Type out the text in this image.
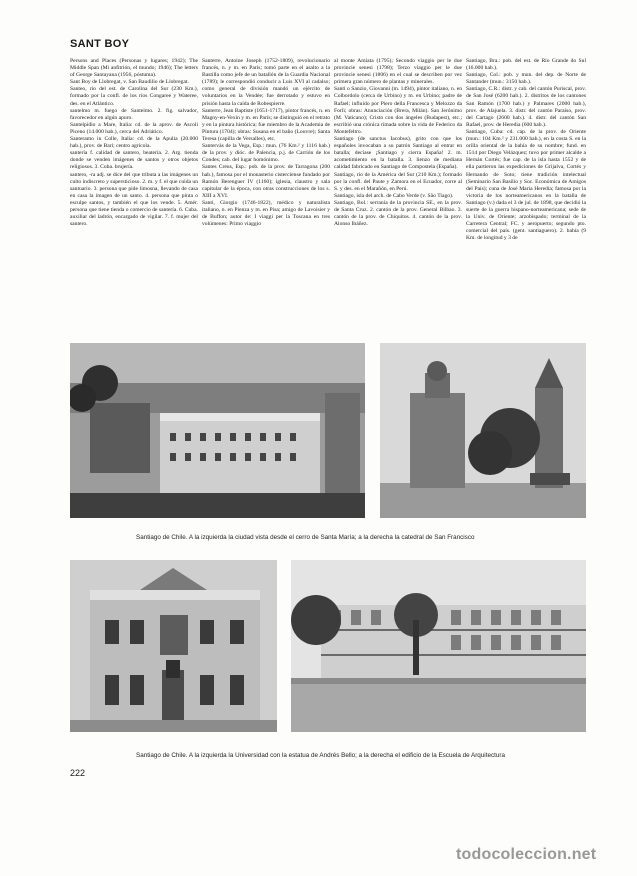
SANT BOY

Persons and Places (Personas y lugares; 1942); The Middle Span (Mi anfitrión, el mundo; 1946); The letters of George Santayana (1956, póstuma).
Sant Boy de Llobregat, v. San Baudilio de Llobregat.
Santeo, río del est. de Carolina del Sur (230 Km.), formado por la confl. de los ríos Congaree y Wateree, des. en el Atlántico.
santelmo m. fuego de Santelmo. 2. fig. salvador, favorecedor en algún apuro.
Santelpidio a Mare, Italia: cd. de la aprov. de Ascoli Piceno (14.000 hab.), cerca del Adriático.
Santeramo in Colle, Italia: cd. de la Apulia (20.000 hab.), prov. de Bari; centro agrícola.
santería f. calidad de santero, beatería. 2. Arg. tienda donde se venden imágenes de santos y otros objetos religiosos. 3. Cuba. brujería.
santero, -ra adj. se dice del que tributa a las imágenes un culto indiscreto y supersticioso. 2. m. y f. el que cuida un santuario. 3. persona que pide limosna, llevando de casa en casa la imagen de un santo. 4. persona que pinta o esculpe santos, y también el que los vende. 5. Amér. persona que tiene tienda o comercio de santería. 6. Cuba. auxiliar del ladrón, encargado de vigilar. 7. f. mujer del santero.

Santerre, Antoine Joseph (1752-1809), revolucionario francés, n. y m. en París; tomó parte en el asalto a la Bastilla como jefe de un batallón de la Guardia Nacional (1789); le correspondió conducir a Luis XVI al cadalso; como general de división mandó un ejército de voluntarios en la Vendée; fue derrotado y estuvo en prisión hasta la caída de Robespierre.
Santerre, Jean Baptiste (1651-1717), pintor francés, n. en Magny-en-Vexin y m. en París; se distinguió en el retrato y en la pintura histórica; fue miembro de la Academia de Pintura (1704); obras: Susana en el baño (Louvre); Santa Teresa (capilla de Versalles), etc.
Santervás de la Vega, Esp.: mun. (76 Km.² y 1116 hab.) de la prov. y dióc. de Palencia, p.j. de Carrión de los Condes; cab. del lugar homónimo.
Santes Creus, Esp.: pob. de la prov. de Tarragona (200 hab.), famosa por el monasterio cisterciense fundado por Ramón Berenguer IV (1160); iglesia, claustro y sala capitular de la época, con otras construcciones de los s. XIII a XVI.
Santi, Giorgio (1746-1822), médico y naturalista italiano, n. en Pienza y m. en Pisa; amigo de Lavoisier y de Buffon; autor de: I viaggi per la Toscana en tres volúmenes: Primo viaggio

al monte Amiata (1795); Secondo viaggio per le due provincie senesi (1798); Terzo viaggio per le due provincie senesi (1806) en el cual se describen por vez primera gran número de plantas y minerales.
Santi o Sanzio, Giovanni (m. 1494), pintor italiano, n. en Colbordolo (cerca de Urbino) y m. en Urbino; padre de Rafael; influido por Piero della Francesca y Melozzo da Forlì; obras: Anunciación (Brera, Milán). San Jerónimo (M. Vaticano); Cristo con dos ángeles (Budapest), etc.; escribió una crónica rimada sobre la vida de Federico da Montefeltro.
Santiago (de sanctus Iacobus), grito con que los españoles invocaban a su patrón Santiago al entrar en batalla; decíase ¡Santiago y cierra España! 2. m. acometimiento en la batalla. 3. lienzo de mediana calidad fabricado en Santiago de Compostela (España).
Santiago, río de la América del Sur (210 Km.); formado por la confl. del Paute y Zamora en el Ecuador, corre al S. y des. en el Marañón, en Perú.
Santiago, isla del arch. de Cabo Verde (v. São Tiago).
Santiago, Bol.: serranía de la provincia SE., en la prov. de Santa Cruz. 2. cantón de la prov. General Bilbao. 3. cantón de la prov. de Chiquitos. 4. cantón de la prov. Alonso Ibáñez.

Santiago, Bra.: pob. del est. de Río Grande do Sul (16.000 hab.).
Santiago, Col.: pob. y mun. del dep. de Norte de Santander (mun.: 3150 hab.).
Santiago, C.R.: distr. y cab. del cantón Puriscal, prov. de San José (6200 hab.). 2. distritos de los cantones San Ramón (1700 hab.) y Palmares (2000 hab.), prov. de Alajuela. 3. distr. del cantón Paraíso, prov. del Cartago (2600 hab.). 4. distr. del cantón San Rafael, prov. de Heredia (600 hab.).
Santiago, Cuba: cd. cap. de la prov. de Oriente (mun.: 104 Km.² y 231.000 hab.), en la costa S. en la orilla oriental de la bahía de su nombre; fund. en 1514 por Diego Velázquez; tuvo por primer alcalde a Hernán Cortés; fue cap. de la isla hasta 1552 y de ella partieron las expediciones de Grijalva, Cortés y Hernando de Soto; tiene tradición intelectual (Seminario San Basilio y Soc. Económica de Amigos del País); cuna de José María Heredia; famosa por la victoria de los norteamericanos en la batalla de Santiago (v.) dada el 3 de jul. de 1898, que decidió la suerte de la guerra hispano-norteamericana; sede de la Univ. de Oriente; arzobispado; terminal de la Carretera Central; FC. y aeropuerto; segundo pto. comercial del país. (gent. santiaguero). 2. bahía (9 Km. de longitud y 3 de

Santiago de Chile. A la izquierda la ciudad vista desde el cerro de Santa María; a la derecha la catedral de San Francisco
Santiago de Chile. A la izquierda la Universidad con la estatua de Andrés Bello; a la derecha el edificio de la Escuela de Arquitectura
222
todocoleccion.net
